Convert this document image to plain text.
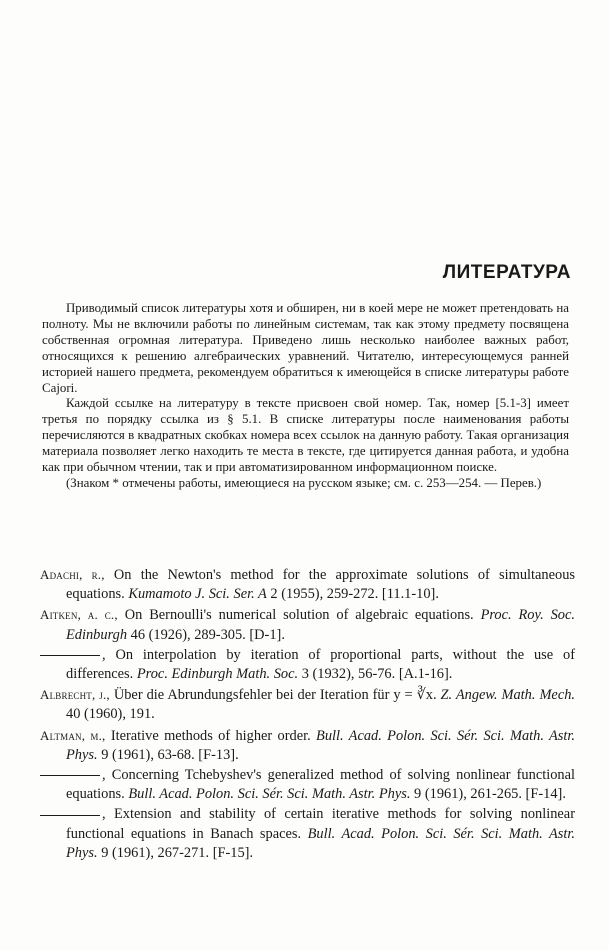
ЛИТЕРАТУРА

Приводимый список литературы хотя и обширен, ни в коей мере не может претендовать на полноту. Мы не включили работы по линейным системам, так как этому предмету посвящена собственная огромная литература. Приведено лишь несколько наиболее важных работ, относящихся к решению алгебраических уравнений. Читателю, интересующемуся ранней историей нашего предмета, рекомендуем обратиться к имеющейся в списке литературы работе Cajori.

Каждой ссылке на литературу в тексте присвоен свой номер. Так, номер [5.1-3] имеет третья по порядку ссылка из § 5.1. В списке литературы после наименования работы перечисляются в квадратных скобках номера всех ссылок на данную работу. Такая организация материала позволяет легко находить те места в тексте, где цитируется данная работа, и удобна как при обычном чтении, так и при автоматизированном информационном поиске.

(Знаком * отмечены работы, имеющиеся на русском языке; см. с. 253—254. — Перев.)

Adachi, r., On the Newton's method for the approximate solutions of simultaneous equations. Kumamoto J. Sci. Ser. A 2 (1955), 259-272. [11.1-10].

Aitken, a. c., On Bernoulli's numerical solution of algebraic equations. Proc. Roy. Soc. Edinburgh 46 (1926), 289-305. [D-1].

, On interpolation by iteration of proportional parts, without the use of differences. Proc. Edinburgh Math. Soc. 3 (1932), 56-76. [A.1-16].

Albrecht, j., Über die Abrundungsfehler bei der Iteration für y = ∛x. Z. Angew. Math. Mech. 40 (1960), 191.

Altman, m., Iterative methods of higher order. Bull. Acad. Polon. Sci. Sér. Sci. Math. Astr. Phys. 9 (1961), 63-68. [F-13].

, Concerning Tchebyshev's generalized method of solving nonlinear functional equations. Bull. Acad. Polon. Sci. Sér. Sci. Math. Astr. Phys. 9 (1961), 261-265. [F-14].

, Extension and stability of certain iterative methods for solving nonlinear functional equations in Banach spaces. Bull. Acad. Polon. Sci. Sér. Sci. Math. Astr. Phys. 9 (1961), 267-271. [F-15].
